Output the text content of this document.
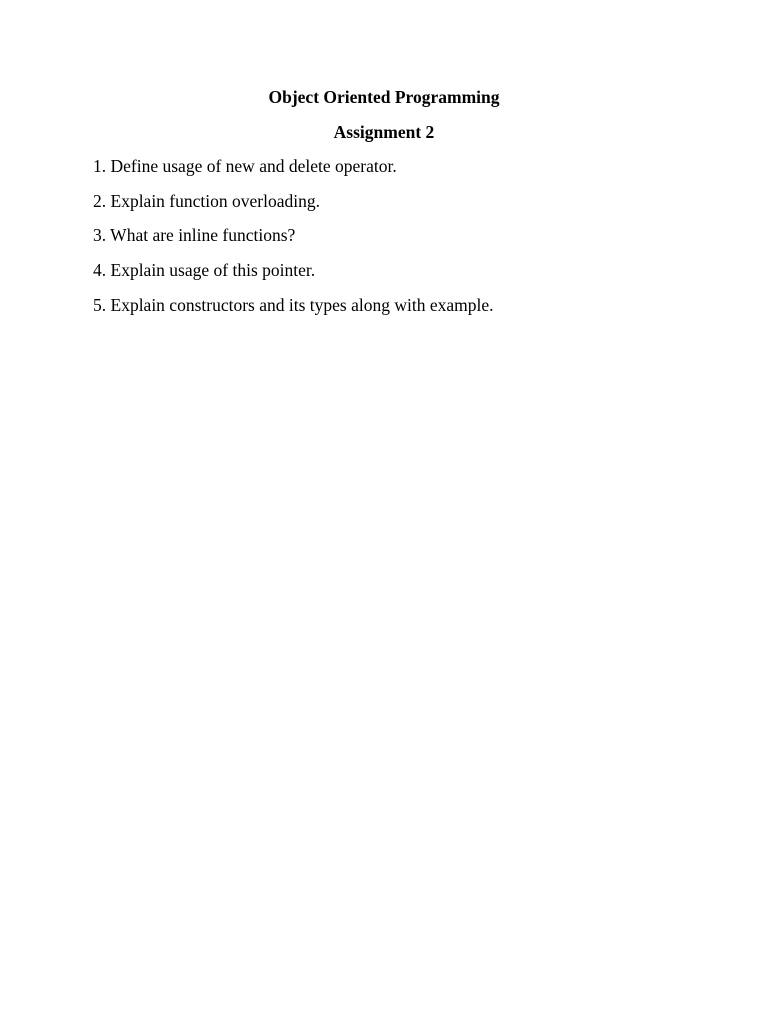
Object Oriented Programming
Assignment 2
1. Define usage of new and delete operator.
2. Explain function overloading.
3. What are inline functions?
4. Explain usage of this pointer.
5. Explain constructors and its types along with example.
